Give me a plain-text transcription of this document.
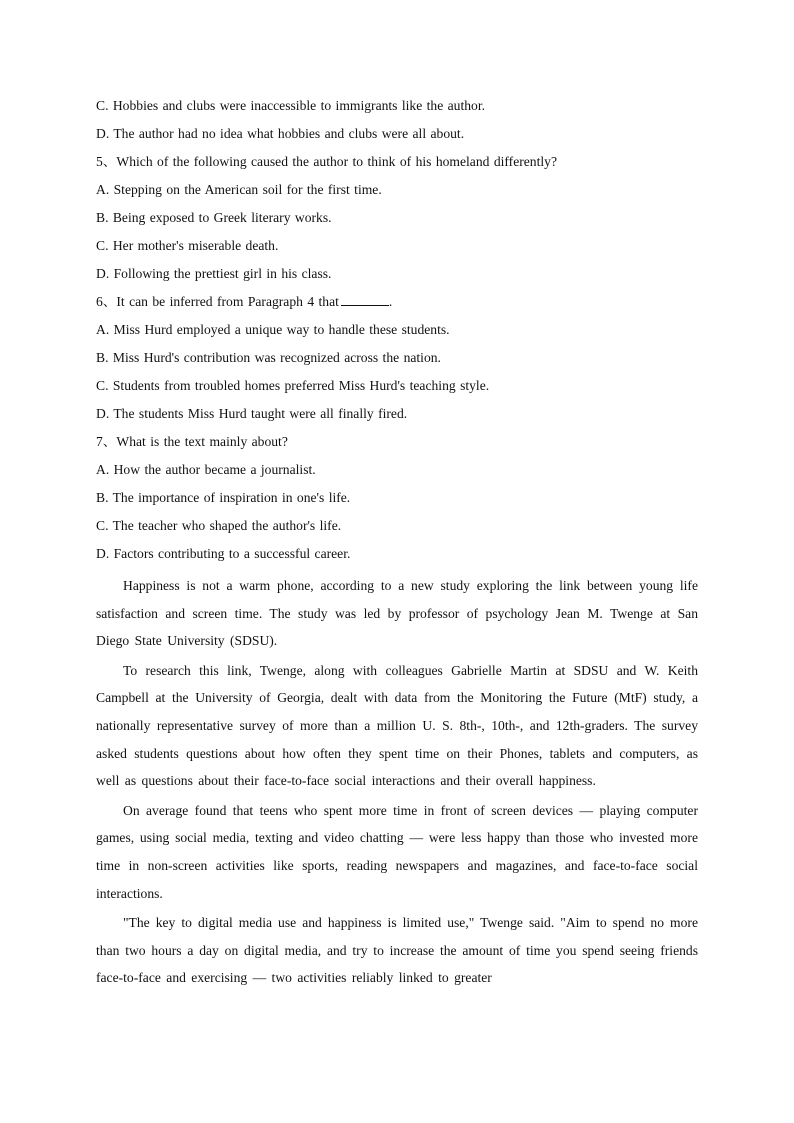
C. Hobbies and clubs were inaccessible to immigrants like the author.
D. The author had no idea what hobbies and clubs were all about.
5、Which of the following caused the author to think of his homeland differently?
A. Stepping on the American soil for the first time.
B. Being exposed to Greek literary works.
C. Her mother's miserable death.
D. Following the prettiest girl in his class.
6、It can be inferred from Paragraph 4 that	.
A. Miss Hurd employed a unique way to handle these students.
B. Miss Hurd's contribution was recognized across the nation.
C. Students from troubled homes preferred Miss Hurd's teaching style.
D. The students Miss Hurd taught were all finally fired.
7、What is the text mainly about?
A. How the author became a journalist.
B. The importance of inspiration in one's life.
C. The teacher who shaped the author's life.
D. Factors contributing to a successful career.

Happiness is not a warm phone, according to a new study exploring the link between young life satisfaction and screen time. The study was led by professor of psychology Jean M. Twenge at San Diego State University (SDSU).

To research this link, Twenge, along with colleagues Gabrielle Martin at SDSU and W. Keith Campbell at the University of Georgia, dealt with data from the Monitoring the Future (MtF) study, a nationally representative survey of more than a million U. S. 8th-, 10th-, and 12th-graders. The survey asked students questions about how often they spent time on their Phones, tablets and computers, as well as questions about their face-to-face social interactions and their overall happiness.

On average found that teens who spent more time in front of screen devices — playing computer games, using social media, texting and video chatting — were less happy than those who invested more time in non-screen activities like sports, reading newspapers and magazines, and face-to-face social interactions.

"The key to digital media use and happiness is limited use," Twenge said. "Aim to spend no more than two hours a day on digital media, and try to increase the amount of time you spend seeing friends face-to-face and exercising — two activities reliably linked to greater
